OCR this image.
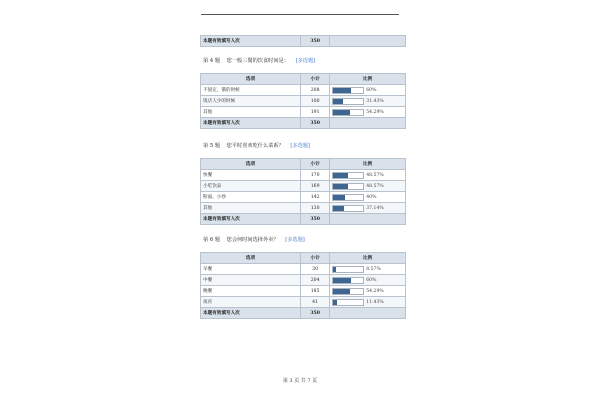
本题有效填写人次	350	
第 4 题 您一般三餐的饮食时间是： [多选题]
选项	小计	比例
不固定，饿的时候	208	60%

饭店人少的时候	100	31.43%

其他	191	54.29%

本题有效填写人次	350	
第 5 题 您平时喜欢吃什么菜系？ [多选题]
选项	小计	比例
快餐	170	48.57%

小吃饮品	169	48.57%

粉面、小炒	142	40%

其他	130	37.14%

本题有效填写人次	350	
第 6 题 您会何时间选择外卖？ [多选题]
选项	小计	比例
早餐	30	8.57%

中餐	204	60%

晚餐	185	54.29%

夜宵	41	11.43%

本题有效填写人次	350	
第 3 页 共 7 页
